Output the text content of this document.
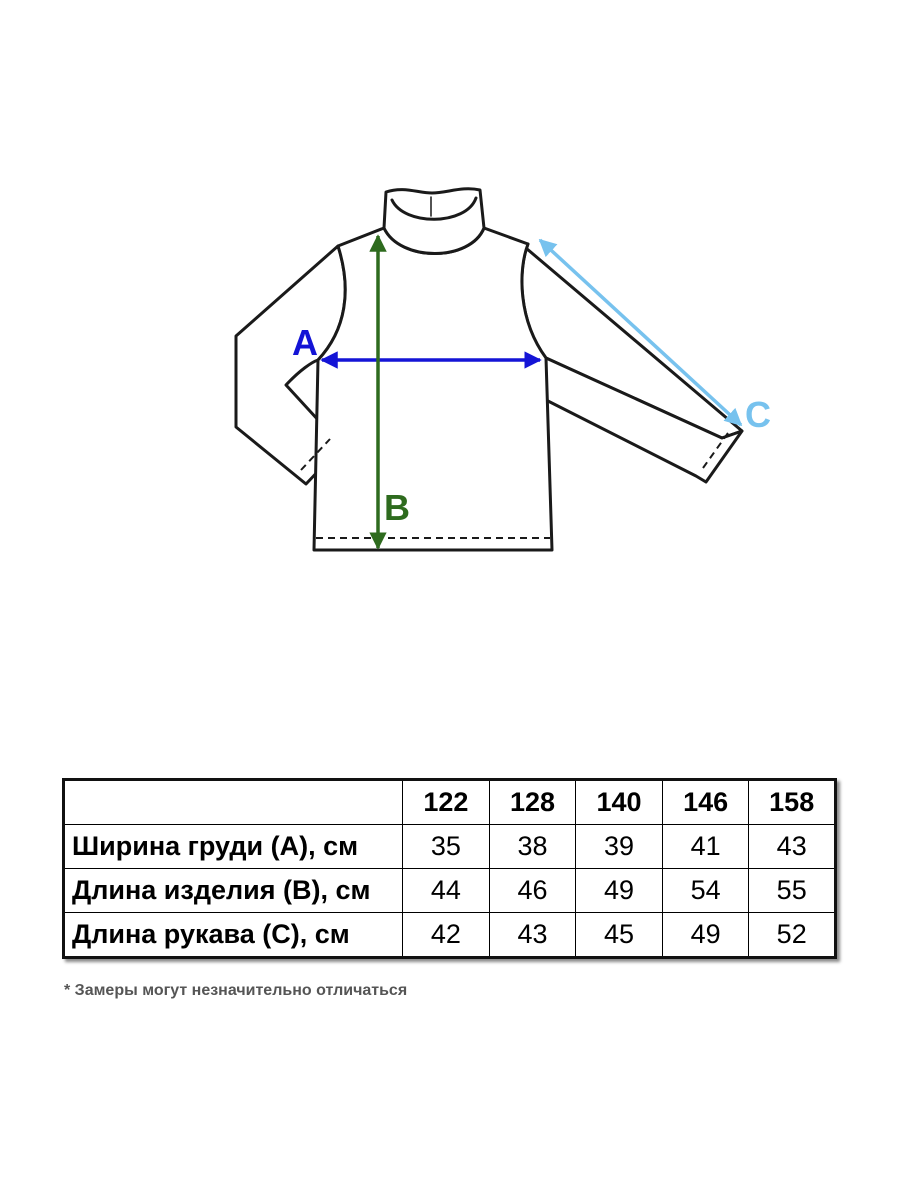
A
B
C
	122	128	140	146	158
Ширина груди (A), см	35	38	39	41	43
Длина изделия (B), см	44	46	49	54	55
Длина рукава (C), см	42	43	45	49	52
* Замеры могут незначительно отличаться
